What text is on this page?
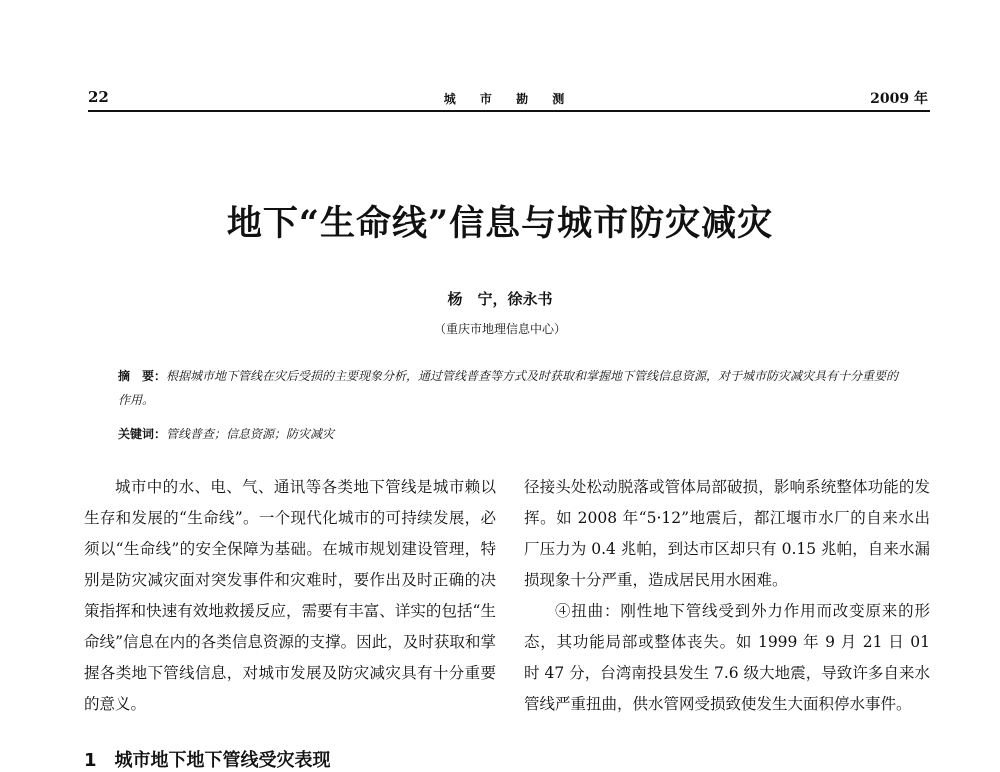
22	城 市 勘 测	2009 年
地下“生命线”信息与城市防灾减灾
杨　宁，徐永书
（重庆市地理信息中心）
摘　要：根据城市地下管线在灾后受损的主要现象分析，通过管线普查等方式及时获取和掌握地下管线信息资源，对于城市防灾减灾具有十分重要的作用。
关键词：管线普查；信息资源；防灾减灾

城市中的水、电、气、通讯等各类地下管线是城市赖以生存和发展的“生命线”。一个现代化城市的可持续发展，必须以“生命线”的安全保障为基础。在城市规划建设管理，特别是防灾减灾面对突发事件和灾难时，要作出及时正确的决策指挥和快速有效地救援反应，需要有丰富、详实的包括“生命线”信息在内的各类信息资源的支撑。因此，及时获取和掌握各类地下管线信息，对城市发展及防灾减灾具有十分重要的意义。

1　城市地下地下管线受灾表现

径接头处松动脱落或管体局部破损，影响系统整体功能的发挥。如 2008 年“5·12”地震后，都江堰市水厂的自来水出厂压力为 0.4 兆帕，到达市区却只有 0.15 兆帕，自来水漏损现象十分严重，造成居民用水困难。

④扭曲：刚性地下管线受到外力作用而改变原来的形态，其功能局部或整体丧失。如 1999 年 9 月 21 日 01 时 47 分，台湾南投县发生 7.6 级大地震，导致许多自来水管线严重扭曲，供水管网受损致使发生大面积停水事件。
